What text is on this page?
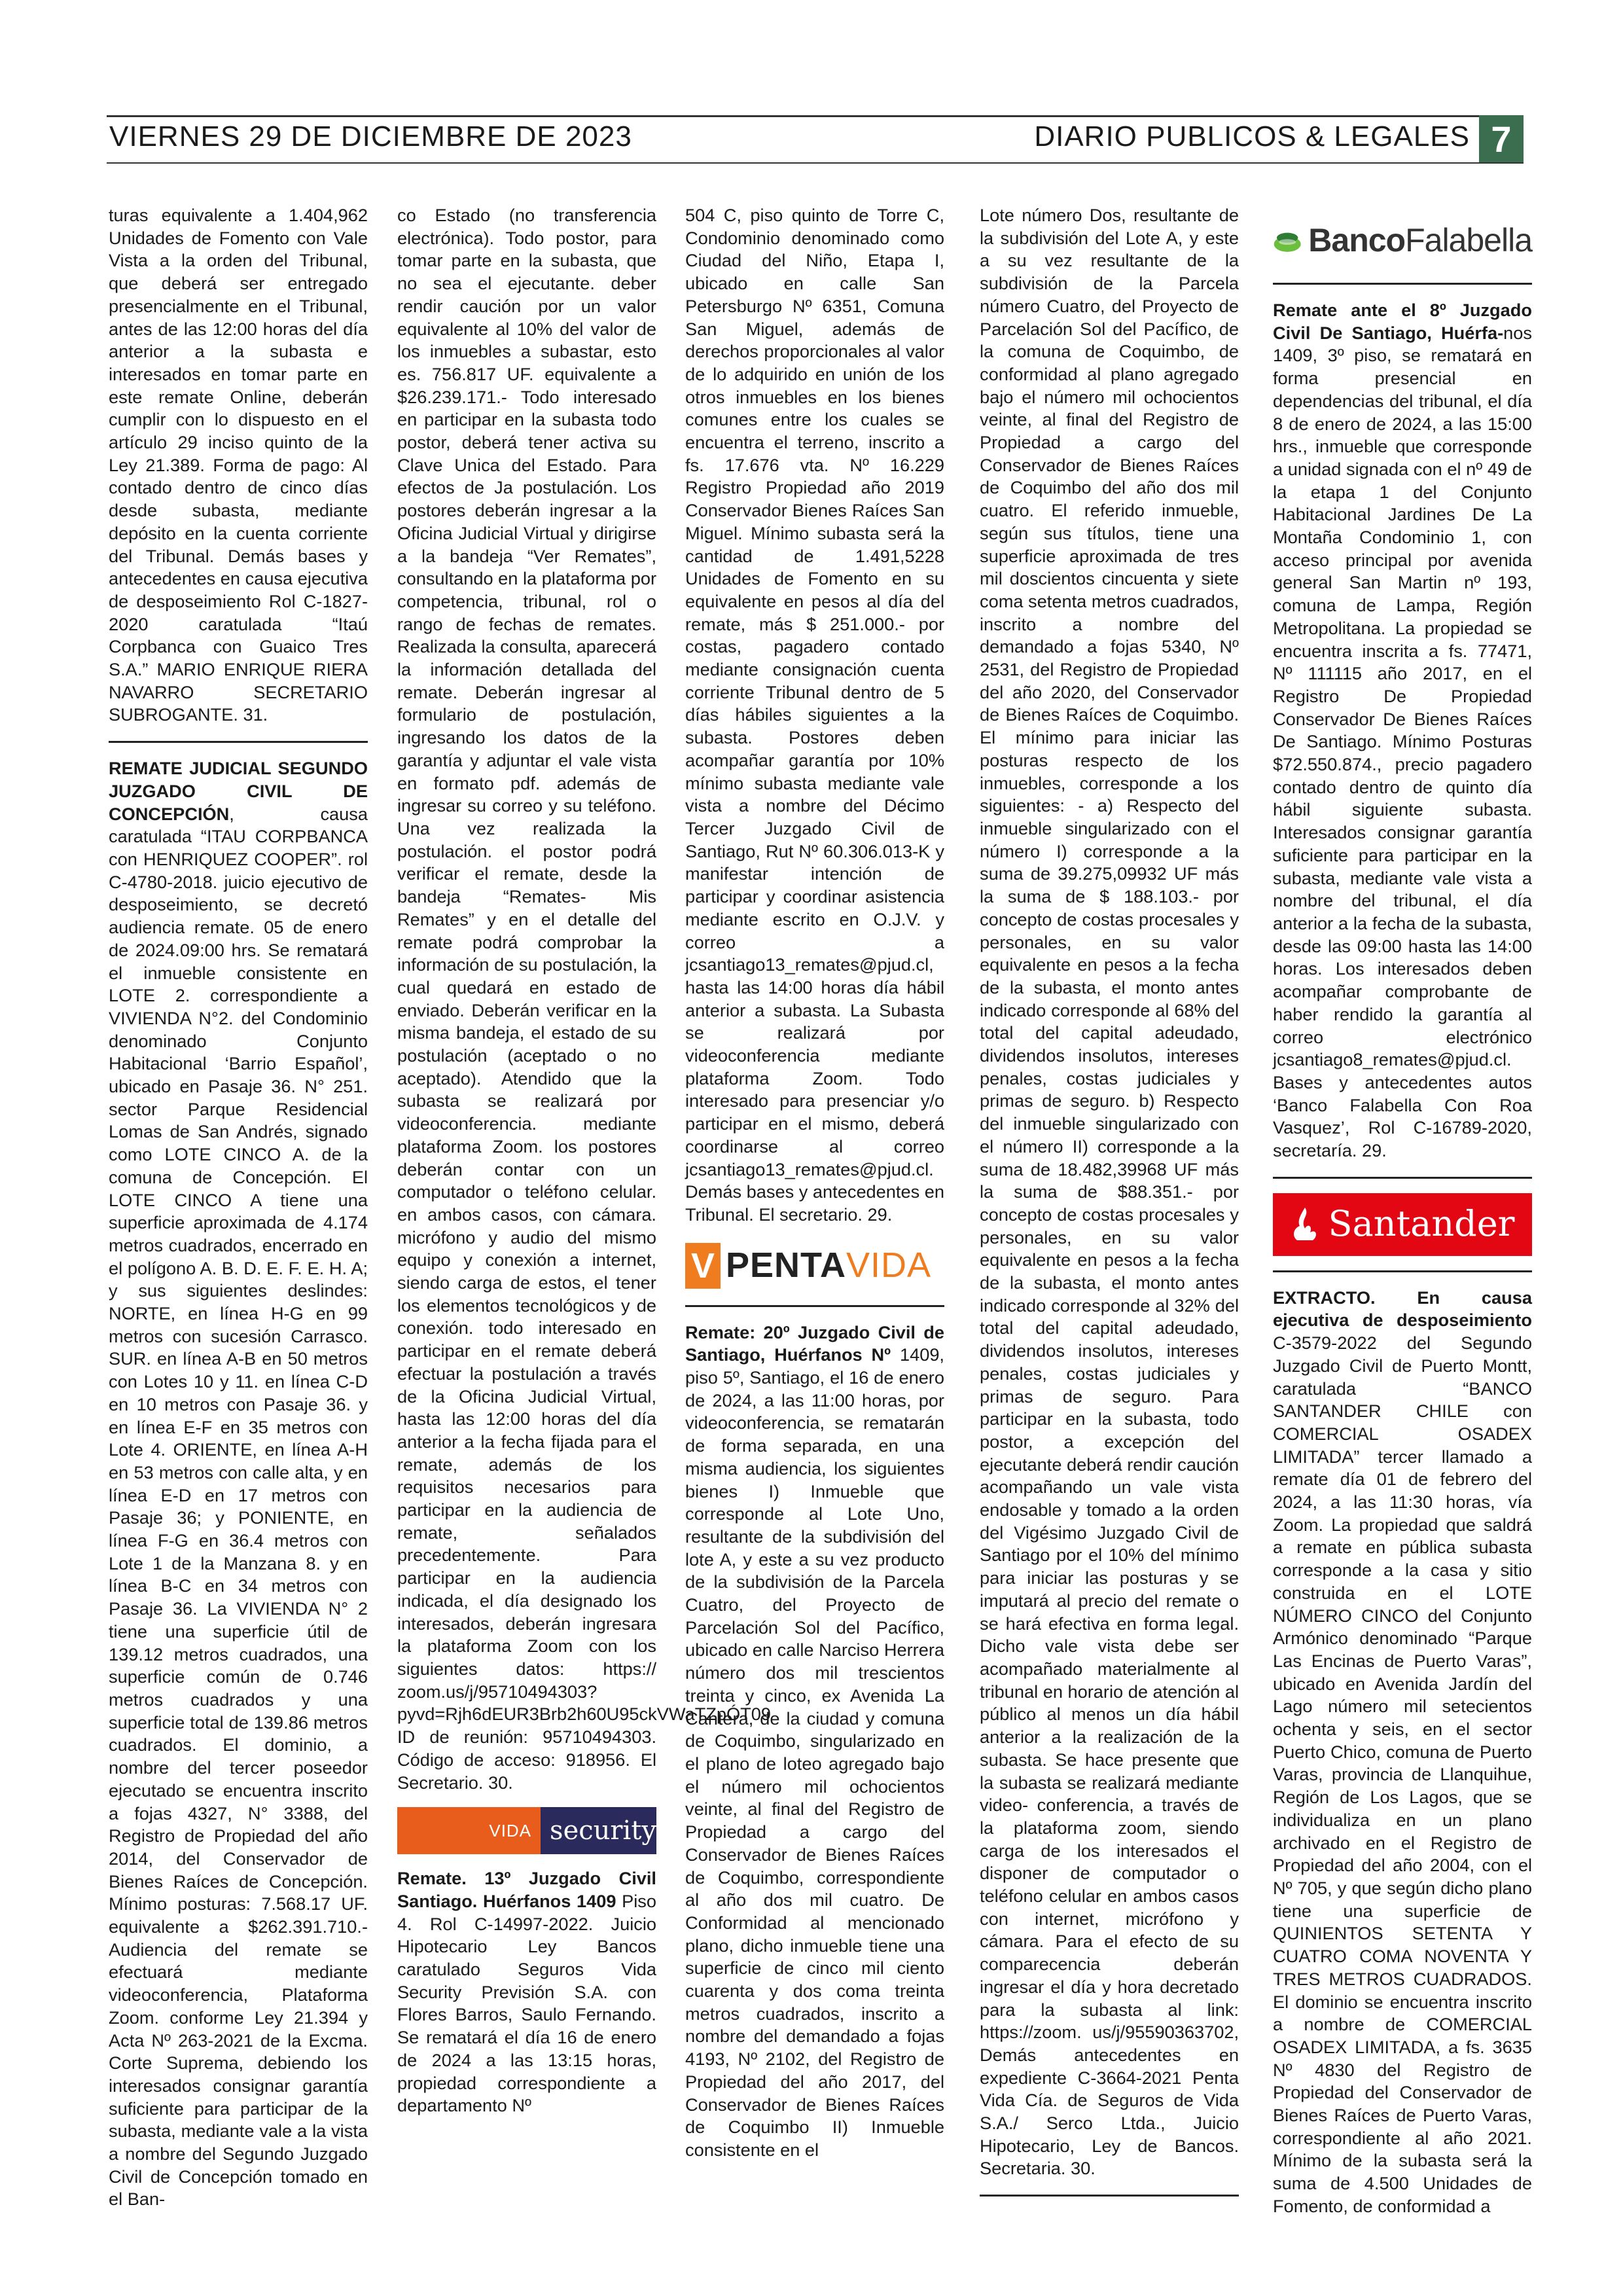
VIERNES 29 DE DICIEMBRE DE 2023	DIARIO PUBLICOS & LEGALES 7

turas equivalente a 1.404,962 Unidades de Fomento con Vale Vista a la orden del Tribunal, que deberá ser entregado presencialmente en el Tribunal, antes de las 12:00 horas del día anterior a la subasta e interesados en tomar parte en este remate Online, deberán cumplir con lo dispuesto en el artículo 29 inciso quinto de la Ley 21.389. Forma de pago: Al contado dentro de cinco días desde subasta, mediante depósito en la cuenta corriente del Tribunal. Demás bases y antecedentes en causa ejecutiva de desposeimiento Rol C-1827-2020 caratulada “Itaú Corpbanca con Guaico Tres S.A.” MARIO ENRIQUE RIERA NAVARRO SECRETARIO SUBROGANTE. 31.

REMATE JUDICIAL SEGUNDO JUZGADO CIVIL DE CONCEPCIÓN, causa caratulada “ITAU CORPBANCA con HENRIQUEZ COOPER”. rol C-4780-2018. juicio ejecutivo de desposeimiento, se decretó audiencia remate. 05 de enero de 2024.09:00 hrs. Se rematará el inmueble consistente en LOTE 2. correspondiente a VIVIENDA N°2. del Condominio denominado Conjunto Habitacional ‘Barrio Español’, ubicado en Pasaje 36. N° 251. sector Parque Residencial Lomas de San Andrés, signado como LOTE CINCO A. de la comuna de Concepción. El LOTE CINCO A tiene una superficie aproximada de 4.174 metros cuadrados, encerrado en el polígono A. B. D. E. F. E. H. A; y sus siguientes deslindes: NORTE, en línea H-G en 99 metros con sucesión Carrasco. SUR. en línea A-B en 50 metros con Lotes 10 y 11. en línea C-D en 10 metros con Pasaje 36. y en línea E-F en 35 metros con Lote 4. ORIENTE, en línea A-H en 53 metros con calle alta, y en línea E-D en 17 metros con Pasaje 36; y PONIENTE, en línea F-G en 36.4 metros con Lote 1 de la Manzana 8. y en línea B-C en 34 metros con Pasaje 36. La VIVIENDA N° 2 tiene una superficie útil de 139.12 metros cuadrados, una superficie común de 0.746 metros cuadrados y una superficie total de 139.86 metros cuadrados. El dominio, a nombre del tercer poseedor ejecutado se encuentra inscrito a fojas 4327, N° 3388, del Registro de Propiedad del año 2014, del Conservador de Bienes Raíces de Concepción. Mínimo posturas: 7.568.17 UF. equivalente a $262.391.710.- Audiencia del remate se efectuará mediante videoconferencia, Plataforma Zoom. conforme Ley 21.394 y Acta Nº 263-2021 de la Excma. Corte Suprema, debiendo los interesados consignar garantía suficiente para participar de la subasta, mediante vale a la vista a nombre del Segundo Juzgado Civil de Concepción tomado en el Ban-

co Estado (no transferencia electrónica). Todo postor, para tomar parte en la subasta, que no sea el ejecutante. deber rendir caución por un valor equivalente al 10% del valor de los inmuebles a subastar, esto es. 756.817 UF. equivalente a $26.239.171.- Todo interesado en participar en la subasta todo postor, deberá tener activa su Clave Unica del Estado. Para efectos de Ja postulación. Los postores deberán ingresar a la Oficina Judicial Virtual y dirigirse a la bandeja “Ver Remates”, consultando en la plataforma por competencia, tribunal, rol o rango de fechas de remates. Realizada la consulta, aparecerá la información detallada del remate. Deberán ingresar al formulario de postulación, ingresando los datos de la garantía y adjuntar el vale vista en formato pdf. además de ingresar su correo y su teléfono. Una vez realizada la postulación. el postor podrá verificar el remate, desde la bandeja “Remates- Mis Remates” y en el detalle del remate podrá comprobar la información de su postulación, la cual quedará en estado de enviado. Deberán verificar en la misma bandeja, el estado de su postulación (aceptado o no aceptado). Atendido que la subasta se realizará por videoconferencia. mediante plataforma Zoom. los postores deberán contar con un computador o teléfono celular. en ambos casos, con cámara. micrófono y audio del mismo equipo y conexión a internet, siendo carga de estos, el tener los elementos tecnológicos y de conexión. todo interesado en participar en el remate deberá efectuar la postulación a través de la Oficina Judicial Virtual, hasta las 12:00 horas del día anterior a la fecha fijada para el remate, además de los requisitos necesarios para participar en la audiencia de remate, señalados precedentemente. Para participar en la audiencia indicada, el día designado los interesados, deberán ingresara la plataforma Zoom con los siguientes datos: https:// zoom.us/j/95710494303?pyvd=Rjh6dEUR3Brb2h60U95ckVWaTZpÓT09 ID de reunión: 95710494303. Código de acceso: 918956. El Secretario. 30.

VIDA security

Remate. 13º Juzgado Civil Santiago. Huérfanos 1409 Piso 4. Rol C-14997-2022. Juicio Hipotecario Ley Bancos caratulado Seguros Vida Security Previsión S.A. con Flores Barros, Saulo Fernando. Se rematará el día 16 de enero de 2024 a las 13:15 horas, propiedad correspondiente a departamento Nº

504 C, piso quinto de Torre C, Condominio denominado como Ciudad del Niño, Etapa I, ubicado en calle San Petersburgo Nº 6351, Comuna San Miguel, además de derechos proporcionales al valor de lo adquirido en unión de los otros inmuebles en los bienes comunes entre los cuales se encuentra el terreno, inscrito a fs. 17.676 vta. Nº 16.229 Registro Propiedad año 2019 Conservador Bienes Raíces San Miguel. Mínimo subasta será la cantidad de 1.491,5228 Unidades de Fomento en su equivalente en pesos al día del remate, más $ 251.000.- por costas, pagadero contado mediante consignación cuenta corriente Tribunal dentro de 5 días hábiles siguientes a la subasta. Postores deben acompañar garantía por 10% mínimo subasta mediante vale vista a nombre del Décimo Tercer Juzgado Civil de Santiago, Rut Nº 60.306.013-K y manifestar intención de participar y coordinar asistencia mediante escrito en O.J.V. y correo a jcsantiago13_remates@pjud.cl, hasta las 14:00 horas día hábil anterior a subasta. La Subasta se realizará por videoconferencia mediante plataforma Zoom. Todo interesado para presenciar y/o participar en el mismo, deberá coordinarse al correo jcsantiago13_remates@pjud.cl. Demás bases y antecedentes en Tribunal. El secretario. 29.

V PENTA VIDA

Remate: 20º Juzgado Civil de Santiago, Huérfanos Nº 1409, piso 5º, Santiago, el 16 de enero de 2024, a las 11:00 horas, por videoconferencia, se rematarán de forma separada, en una misma audiencia, los siguientes bienes I) Inmueble que corresponde al Lote Uno, resultante de la subdivisión del lote A, y este a su vez producto de la subdivisión de la Parcela Cuatro, del Proyecto de Parcelación Sol del Pacífico, ubicado en calle Narciso Herrera número dos mil trescientos treinta y cinco, ex Avenida La Cantera, de la ciudad y comuna de Coquimbo, singularizado en el plano de loteo agregado bajo el número mil ochocientos veinte, al final del Registro de Propiedad a cargo del Conservador de Bienes Raíces de Coquimbo, correspondiente al año dos mil cuatro. De Conformidad al mencionado plano, dicho inmueble tiene una superficie de cinco mil ciento cuarenta y dos coma treinta metros cuadrados, inscrito a nombre del demandado a fojas 4193, Nº 2102, del Registro de Propiedad del año 2017, del Conservador de Bienes Raíces de Coquimbo II) Inmueble consistente en el

Lote número Dos, resultante de la subdivisión del Lote A, y este a su vez resultante de la subdivisión de la Parcela número Cuatro, del Proyecto de Parcelación Sol del Pacífico, de la comuna de Coquimbo, de conformidad al plano agregado bajo el número mil ochocientos veinte, al final del Registro de Propiedad a cargo del Conservador de Bienes Raíces de Coquimbo del año dos mil cuatro. El referido inmueble, según sus títulos, tiene una superficie aproximada de tres mil doscientos cincuenta y siete coma setenta metros cuadrados, inscrito a nombre del demandado a fojas 5340, Nº 2531, del Registro de Propiedad del año 2020, del Conservador de Bienes Raíces de Coquimbo. El mínimo para iniciar las posturas respecto de los inmuebles, corresponde a los siguientes: - a) Respecto del inmueble singularizado con el número I) corresponde a la suma de 39.275,09932 UF más la suma de $ 188.103.- por concepto de costas procesales y personales, en su valor equivalente en pesos a la fecha de la subasta, el monto antes indicado corresponde al 68% del total del capital adeudado, dividendos insolutos, intereses penales, costas judiciales y primas de seguro. b) Respecto del inmueble singularizado con el número II) corresponde a la suma de 18.482,39968 UF más la suma de $88.351.- por concepto de costas procesales y personales, en su valor equivalente en pesos a la fecha de la subasta, el monto antes indicado corresponde al 32% del total del capital adeudado, dividendos insolutos, intereses penales, costas judiciales y primas de seguro. Para participar en la subasta, todo postor, a excepción del ejecutante deberá rendir caución acompañando un vale vista endosable y tomado a la orden del Vigésimo Juzgado Civil de Santiago por el 10% del mínimo para iniciar las posturas y se imputará al precio del remate o se hará efectiva en forma legal. Dicho vale vista debe ser acompañado materialmente al tribunal en horario de atención al público al menos un día hábil anterior a la realización de la subasta. Se hace presente que la subasta se realizará mediante video- conferencia, a través de la plataforma zoom, siendo carga de los interesados el disponer de computador o teléfono celular en ambos casos con internet, micrófono y cámara. Para el efecto de su comparecencia deberán ingresar el día y hora decretado para la subasta al link: https://zoom. us/j/95590363702, Demás antecedentes en expediente C-3664-2021 Penta Vida Cía. de Seguros de Vida S.A./ Serco Ltda., Juicio Hipotecario, Ley de Bancos. Secretaria. 30.

BancoFalabella

Remate ante el 8º Juzgado Civil De Santiago, Huérfa-nos 1409, 3º piso, se rematará en forma presencial en dependencias del tribunal, el día 8 de enero de 2024, a las 15:00 hrs., inmueble que corresponde a unidad signada con el nº 49 de la etapa 1 del Conjunto Habitacional Jardines De La Montaña Condominio 1, con acceso principal por avenida general San Martin nº 193, comuna de Lampa, Región Metropolitana. La propiedad se encuentra inscrita a fs. 77471, Nº 111115 año 2017, en el Registro De Propiedad Conservador De Bienes Raíces De Santiago. Mínimo Posturas $72.550.874., precio pagadero contado dentro de quinto día hábil siguiente subasta. Interesados consignar garantía suficiente para participar en la subasta, mediante vale vista a nombre del tribunal, el día anterior a la fecha de la subasta, desde las 09:00 hasta las 14:00 horas. Los interesados deben acompañar comprobante de haber rendido la garantía al correo electrónico jcsantiago8_remates@pjud.cl. Bases y antecedentes autos ‘Banco Falabella Con Roa Vasquez’, Rol C-16789-2020, secretaría. 29.

Santander

EXTRACTO. En causa ejecutiva de desposeimiento C-3579-2022 del Segundo Juzgado Civil de Puerto Montt, caratulada “BANCO SANTANDER CHILE con COMERCIAL OSADEX LIMITADA” tercer llamado a remate día 01 de febrero del 2024, a las 11:30 horas, vía Zoom. La propiedad que saldrá a remate en pública subasta corresponde a la casa y sitio construida en el LOTE NÚMERO CINCO del Conjunto Armónico denominado “Parque Las Encinas de Puerto Varas”, ubicado en Avenida Jardín del Lago número mil setecientos ochenta y seis, en el sector Puerto Chico, comuna de Puerto Varas, provincia de Llanquihue, Región de Los Lagos, que se individualiza en un plano archivado en el Registro de Propiedad del año 2004, con el Nº 705, y que según dicho plano tiene una superficie de QUINIENTOS SETENTA Y CUATRO COMA NOVENTA Y TRES METROS CUADRADOS. El dominio se encuentra inscrito a nombre de COMERCIAL OSADEX LIMITADA, a fs. 3635 Nº 4830 del Registro de Propiedad del Conservador de Bienes Raíces de Puerto Varas, correspondiente al año 2021. Mínimo de la subasta será la suma de 4.500 Unidades de Fomento, de conformidad a
